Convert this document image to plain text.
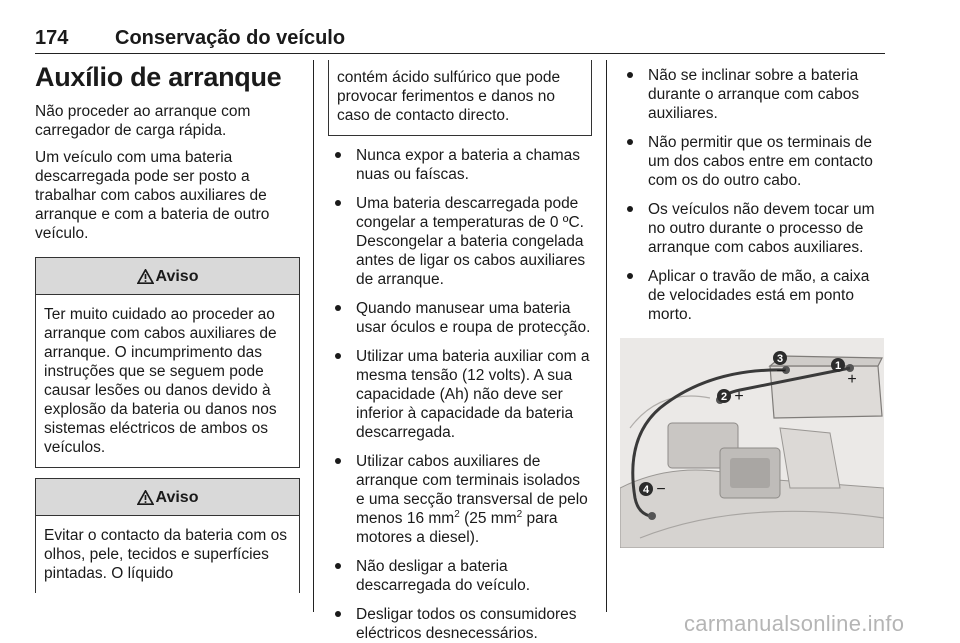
174 Conservação do veículo
Auxílio de arranque

Não proceder ao arranque com carregador de carga rápida.

Um veículo com uma bateria descarregada pode ser posto a trabalhar com cabos auxiliares de arranque e com a bateria de outro veículo.

Aviso
Ter muito cuidado ao proceder ao arranque com cabos auxiliares de arranque. O incumprimento das instruções que se seguem pode causar lesões ou danos devido à explosão da bateria ou danos nos sistemas eléctricos de ambos os veículos.
Aviso
Evitar o contacto da bateria com os olhos, pele, tecidos e superfícies pintadas. O líquido
contém ácido sulfúrico que pode provocar ferimentos e danos no caso de contacto directo.
Nunca expor a bateria a chamas nuas ou faíscas.
Uma bateria descarregada pode congelar a temperaturas de 0 ºC. Descongelar a bateria congelada antes de ligar os cabos auxiliares de arranque.
Quando manusear uma bateria usar óculos e roupa de protecção.
Utilizar uma bateria auxiliar com a mesma tensão (12 volts). A sua capacidade (Ah) não deve ser inferior à capacidade da bateria descarregada.
Utilizar cabos auxiliares de arranque com terminais isolados e uma secção transversal de pelo menos 16 $mm^2$ (25 $mm^2$ para motores a diesel).
Não desligar a bateria descarregada do veículo.
Desligar todos os consumidores eléctricos desnecessários.
Não se inclinar sobre a bateria durante o arranque com cabos auxiliares.
Não permitir que os terminais de um dos cabos entre em contacto com os do outro cabo.
Os veículos não devem tocar um no outro durante o processo de arranque com cabos auxiliares.
Aplicar o travão de mão, a caixa de velocidades está em ponto morto.
1
+
3
−
2 +
4 −
carmanualsonline.info
